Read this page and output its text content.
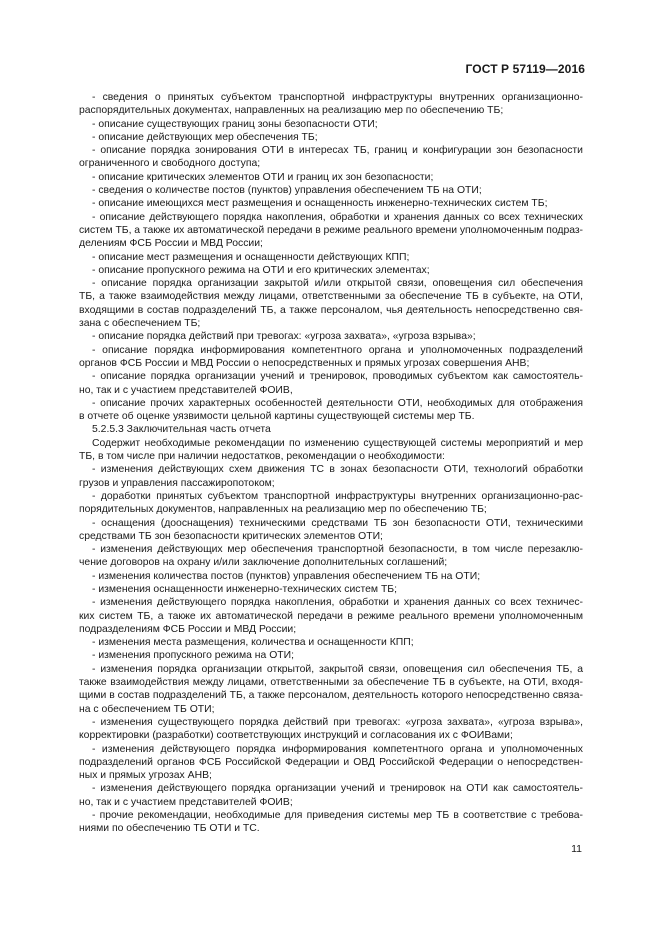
ГОСТ Р 57119—2016
- сведения о принятых субъектом транспортной инфраструктуры внутренних организационно-
распорядительных документах, направленных на реализацию мер по обеспечению ТБ;
- описание существующих границ зоны безопасности ОТИ;
- описание действующих мер обеспечения ТБ;
- описание порядка зонирования ОТИ в интересах ТБ, границ и конфигурации зон безопасности
ограниченного и свободного доступа;
- описание критических элементов ОТИ и границ их зон безопасности;
- сведения о количестве постов (пунктов) управления обеспечением ТБ на ОТИ;
- описание имеющихся мест размещения и оснащенность инженерно-технических систем ТБ;
- описание действующего порядка накопления, обработки и хранения данных со всех технических
систем ТБ, а также их автоматической передачи в режиме реального времени уполномоченным подраз-
делениям ФСБ России и МВД России;
- описание мест размещения и оснащенности действующих КПП;
- описание пропускного режима на ОТИ и его критических элементах;
- описание порядка организации закрытой и/или открытой связи, оповещения сил обеспечения
ТБ, а также взаимодействия между лицами, ответственными за обеспечение ТБ в субъекте, на ОТИ,
входящими в состав подразделений ТБ, а также персоналом, чья деятельность непосредственно свя-
зана с обеспечением ТБ;
- описание порядка действий при тревогах: «угроза захвата», «угроза взрыва»;
- описание порядка информирования компетентного органа и уполномоченных подразделений
органов ФСБ России и МВД России о непосредственных и прямых угрозах совершения АНВ;
- описание порядка организации учений и тренировок, проводимых субъектом как самостоятель-
но, так и с участием представителей ФОИВ,
- описание прочих характерных особенностей деятельности ОТИ, необходимых для отображения
в отчете об оценке уязвимости цельной картины существующей системы мер ТБ.
5.2.5.3 Заключительная часть отчета
Содержит необходимые рекомендации по изменению существующей системы мероприятий и мер
ТБ, в том числе при наличии недостатков, рекомендации о необходимости:
- изменения действующих схем движения ТС в зонах безопасности ОТИ, технологий обработки
грузов и управления пассажиропотоком;
- доработки принятых субъектом транспортной инфраструктуры внутренних организационно-рас-
порядительных документов, направленных на реализацию мер по обеспечению ТБ;
- оснащения (дооснащения) техническими средствами ТБ зон безопасности ОТИ, техническими
средствами ТБ зон безопасности критических элементов ОТИ;
- изменения действующих мер обеспечения транспортной безопасности, в том числе перезаклю-
чение договоров на охрану и/или заключение дополнительных соглашений;
- изменения количества постов (пунктов) управления обеспечением ТБ на ОТИ;
- изменения оснащенности инженерно-технических систем ТБ;
- изменения действующего порядка накопления, обработки и хранения данных со всех техничес-
ких систем ТБ, а также их автоматической передачи в режиме реального времени уполномоченным
подразделениям ФСБ России и МВД России;
- изменения места размещения, количества и оснащенности КПП;
- изменения пропускного режима на ОТИ;
- изменения порядка организации открытой, закрытой связи, оповещения сил обеспечения ТБ, а
также взаимодействия между лицами, ответственными за обеспечение ТБ в субъекте, на ОТИ, входя-
щими в состав подразделений ТБ, а также персоналом, деятельность которого непосредственно связа-
на с обеспечением ТБ ОТИ;
- изменения существующего порядка действий при тревогах: «угроза захвата», «угроза взрыва»,
корректировки (разработки) соответствующих инструкций и согласования их с ФОИВами;
- изменения действующего порядка информирования компетентного органа и уполномоченных
подразделений органов ФСБ Российской Федерации и ОВД Российской Федерации о непосредствен-
ных и прямых угрозах АНВ;
- изменения действующего порядка организации учений и тренировок на ОТИ как самостоятель-
но, так и с участием представителей ФОИВ;
- прочие рекомендации, необходимые для приведения системы мер ТБ в соответствие с требова-
ниями по обеспечению ТБ ОТИ и ТС.
11
